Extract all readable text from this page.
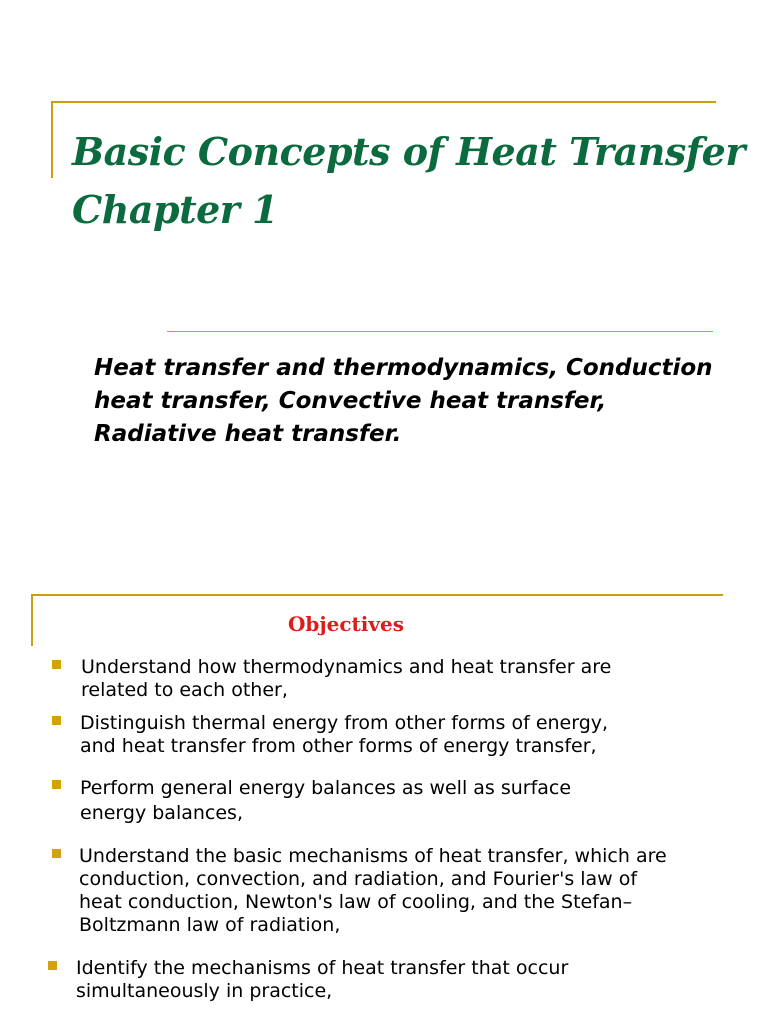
Basic Concepts of Heat Transfer
Chapter 1
Heat transfer and thermodynamics, Conduction heat transfer, Convective heat transfer, Radiative heat transfer.
Objectives
Understand how thermodynamics and heat transfer are
related to each other,
Distinguish thermal energy from other forms of energy,
and heat transfer from other forms of energy transfer,
Perform general energy balances as well as surface
energy balances,
Understand the basic mechanisms of heat transfer, which are
conduction, convection, and radiation, and Fourier's law of
heat conduction, Newton's law of cooling, and the Stefan–
Boltzmann law of radiation,
Identify the mechanisms of heat transfer that occur
simultaneously in practice,
